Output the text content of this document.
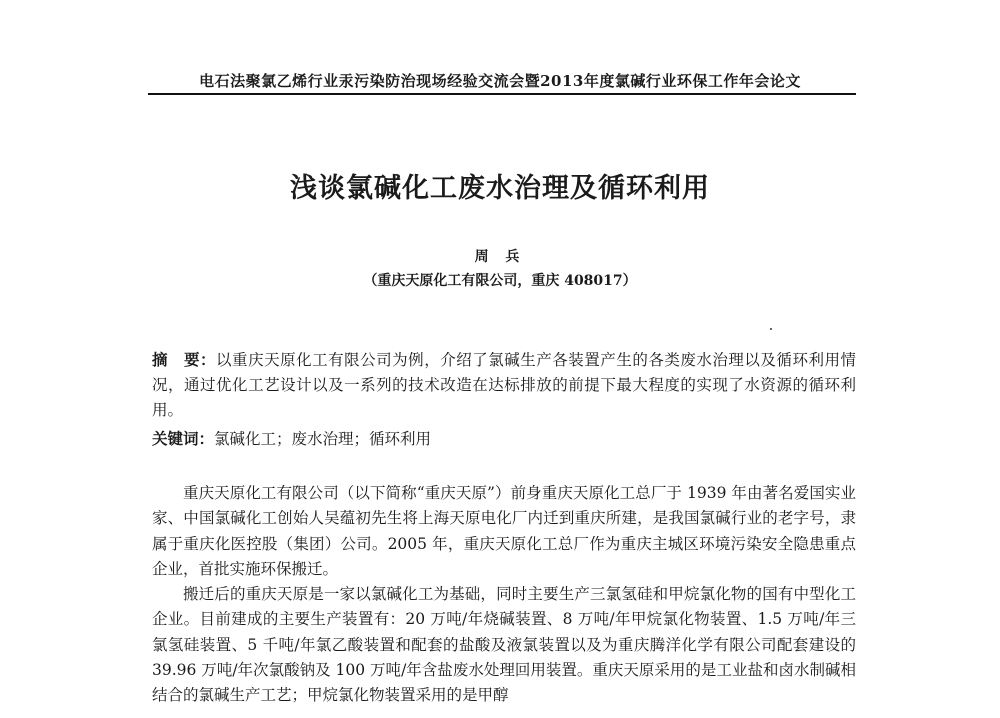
电石法聚氯乙烯行业汞污染防治现场经验交流会暨2013年度氯碱行业环保工作年会论文
浅谈氯碱化工废水治理及循环利用
周 兵
（重庆天原化工有限公司，重庆 408017）
摘　要：以重庆天原化工有限公司为例，介绍了氯碱生产各装置产生的各类废水治理以及循环利用情况，通过优化工艺设计以及一系列的技术改造在达标排放的前提下最大程度的实现了水资源的循环利用。
关键词：氯碱化工；废水治理；循环利用

重庆天原化工有限公司（以下简称“重庆天原”）前身重庆天原化工总厂于 1939 年由著名爱国实业家、中国氯碱化工创始人吴蕴初先生将上海天原电化厂内迁到重庆所建，是我国氯碱行业的老字号，隶属于重庆化医控股（集团）公司。2005 年，重庆天原化工总厂作为重庆主城区环境污染安全隐患重点企业，首批实施环保搬迁。

搬迁后的重庆天原是一家以氯碱化工为基础，同时主要生产三氯氢硅和甲烷氯化物的国有中型化工企业。目前建成的主要生产装置有：20 万吨/年烧碱装置、8 万吨/年甲烷氯化物装置、1.5 万吨/年三氯氢硅装置、5 千吨/年氯乙酸装置和配套的盐酸及液氯装置以及为重庆腾洋化学有限公司配套建设的39.96 万吨/年次氯酸钠及 100 万吨/年含盐废水处理回用装置。重庆天原采用的是工业盐和卤水制碱相结合的氯碱生产工艺；甲烷氯化物装置采用的是甲醇
